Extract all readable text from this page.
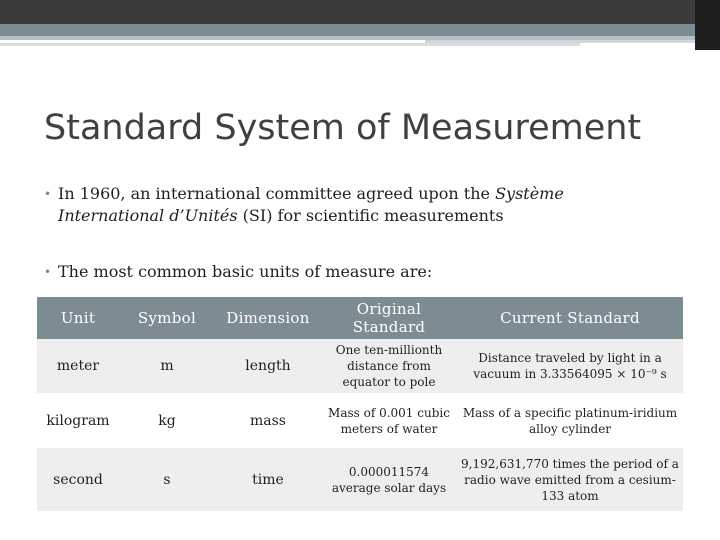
Standard System of Measurement
• In 1960, an international committee agreed upon the Système International d’Unités (SI) for scientific measurements
• The most common basic units of measure are:
Unit	Symbol	Dimension	Original Standard	Current Standard
meter	m	length	One ten-millionth distance from equator to pole	Distance traveled by light in a vacuum in 3.33564095 × 10⁻⁹ s
kilogram	kg	mass	Mass of 0.001 cubic meters of water	Mass of a specific platinum-iridium alloy cylinder
second	s	time	0.000011574 average solar days	9,192,631,770 times the period of a radio wave emitted from a cesium-133 atom
